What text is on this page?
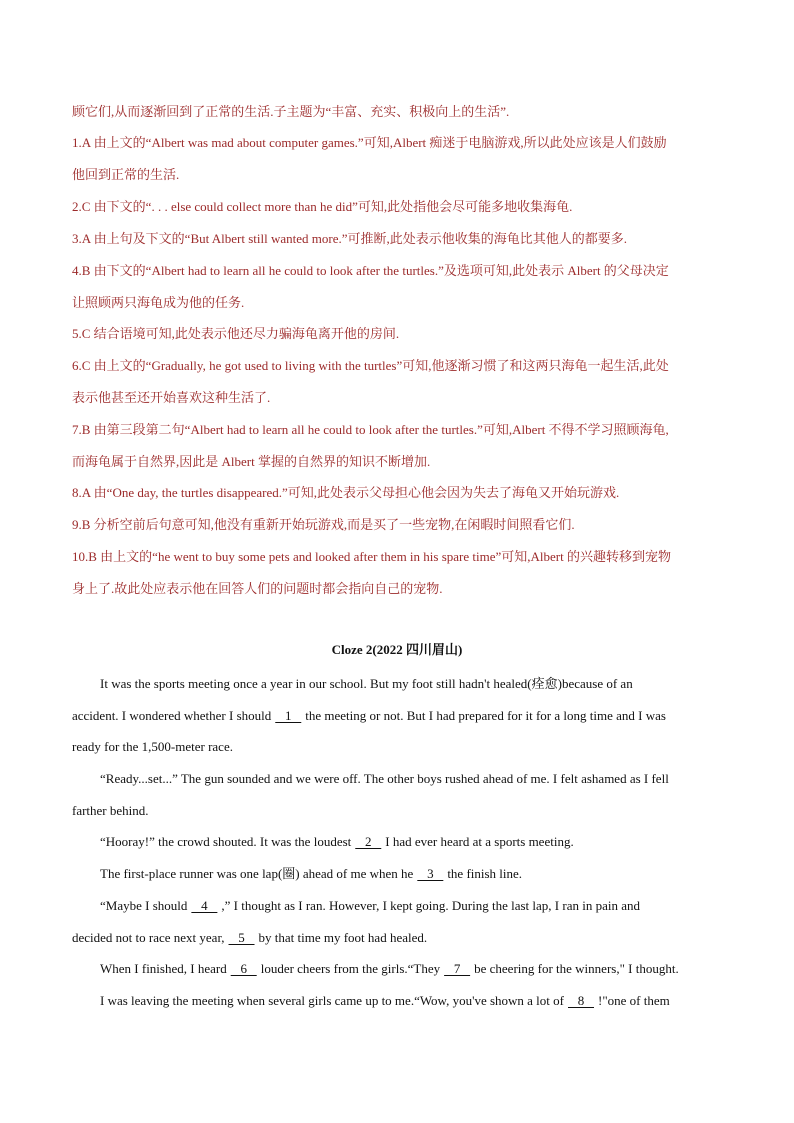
顾它们,从而逐渐回到了正常的生活.子主题为“丰富、充实、积极向上的生活”.

1.A 由上文的“Albert was mad about computer games.”可知,Albert 痴迷于电脑游戏,所以此处应该是人们鼓励
他回到正常的生活.

2.C 由下文的“. . . else could collect more than he did”可知,此处指他会尽可能多地收集海龟.

3.A 由上句及下文的“But Albert still wanted more.”可推断,此处表示他收集的海龟比其他人的都要多.

4.B 由下文的“Albert had to learn all he could to look after the turtles.”及选项可知,此处表示 Albert 的父母决定
让照顾两只海龟成为他的任务.

5.C 结合语境可知,此处表示他还尽力骗海龟离开他的房间.

6.C 由上文的“Gradually, he got used to living with the turtles”可知,他逐渐习惯了和这两只海龟一起生活,此处
表示他甚至还开始喜欢这种生活了.

7.B 由第三段第二句“Albert had to learn all he could to look after the turtles.”可知,Albert 不得不学习照顾海龟,
而海龟属于自然界,因此是 Albert 掌握的自然界的知识不断增加.

8.A 由“One day, the turtles disappeared.”可知,此处表示父母担心他会因为失去了海龟又开始玩游戏.

9.B 分析空前后句意可知,他没有重新开始玩游戏,而是买了一些宠物,在闲暇时间照看它们.

10.B 由上文的“he went to buy some pets and looked after them in his spare time”可知,Albert 的兴趣转移到宠物
身上了.故此处应表示他在回答人们的问题时都会指向自己的宠物.

Cloze 2(2022 四川眉山)
It was the sports meeting once a year in our school. But my foot still hadn't healed(痊愈)because of an
accident. I wondered whether I should   1   the meeting or not. But I had prepared for it for a long time and I was
ready for the 1,500-meter race.
“Ready...set...” The gun sounded and we were off. The other boys rushed ahead of me. I felt ashamed as I fell
farther behind.
“Hooray!” the crowd shouted. It was the loudest   2   I had ever heard at a sports meeting.
The first-place runner was one lap(圈) ahead of me when he   3   the finish line.
“Maybe I should   4   ,” I thought as I ran. However, I kept going. During the last lap, I ran in pain and
decided not to race next year,   5   by that time my foot had healed.
When I finished, I heard   6   louder cheers from the girls.“They   7   be cheering for the winners," I thought.
I was leaving the meeting when several girls came up to me.“Wow, you've shown a lot of   8   !"one of them
